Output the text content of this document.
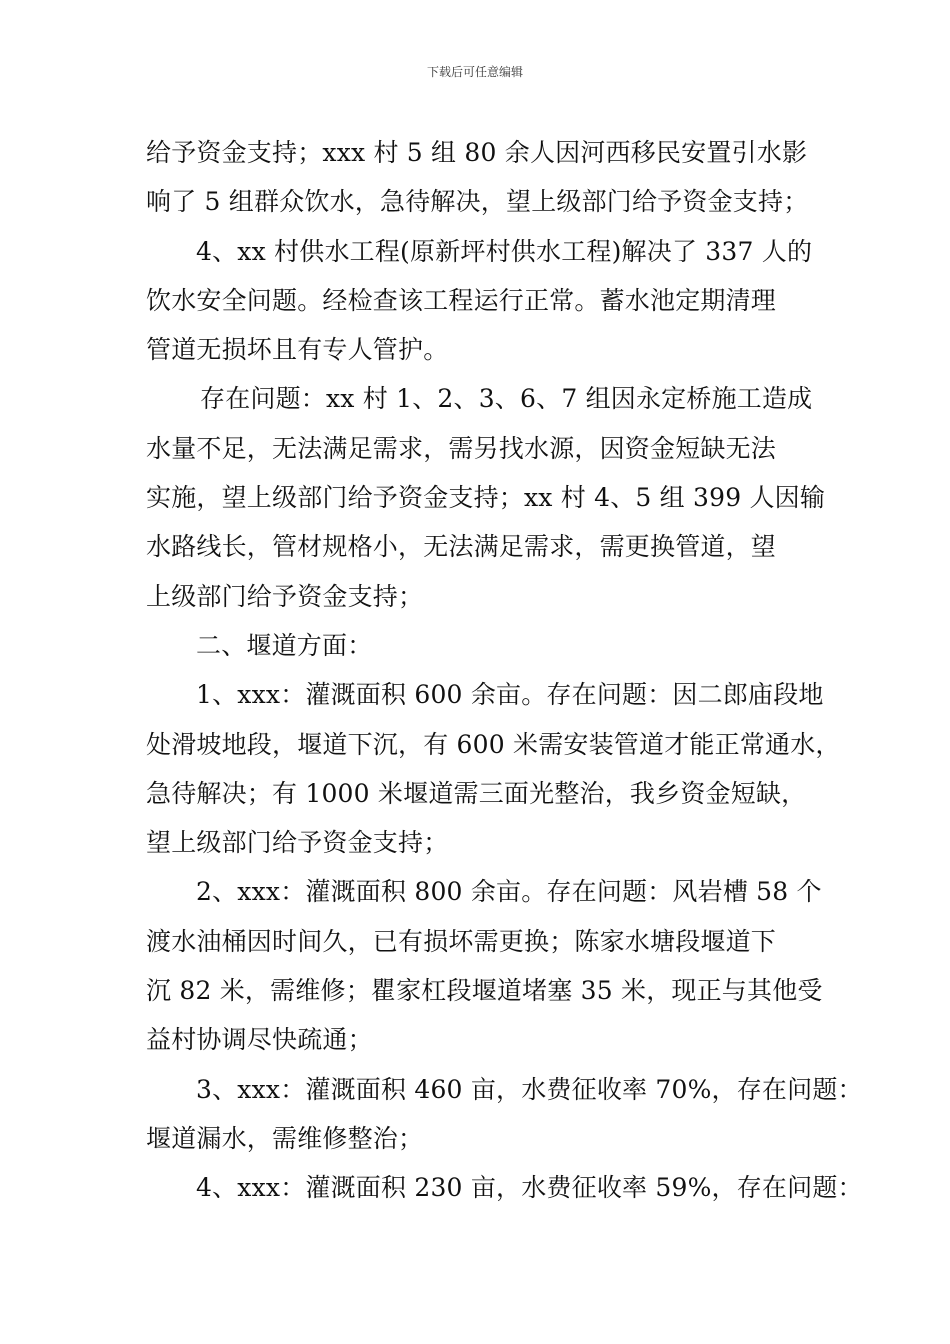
下载后可任意编辑
给予资金支持；xxx 村 5 组 80 余人因河西移民安置引水影
响了 5 组群众饮水，急待解决，望上级部门给予资金支持；
4、xx 村供水工程(原新坪村供水工程)解决了 337 人的
饮水安全问题。经检查该工程运行正常。蓄水池定期清理
管道无损坏且有专人管护。
存在问题：xx 村 1、2、3、6、7 组因永定桥施工造成
水量不足，无法满足需求，需另找水源，因资金短缺无法
实施，望上级部门给予资金支持；xx 村 4、5 组 399 人因输
水路线长，管材规格小，无法满足需求，需更换管道，望
上级部门给予资金支持；
二、堰道方面：
1、xxx：灌溉面积 600 余亩。存在问题：因二郎庙段地
处滑坡地段，堰道下沉，有 600 米需安装管道才能正常通水，
急待解决；有 1000 米堰道需三面光整治，我乡资金短缺，
望上级部门给予资金支持；
2、xxx：灌溉面积 800 余亩。存在问题：风岩槽 58 个
渡水油桶因时间久，已有损坏需更换；陈家水塘段堰道下
沉 82 米，需维修；瞿家杠段堰道堵塞 35 米，现正与其他受
益村协调尽快疏通；
3、xxx：灌溉面积 460 亩，水费征收率 70%，存在问题：
堰道漏水，需维修整治；
4、xxx：灌溉面积 230 亩，水费征收率 59%，存在问题：
